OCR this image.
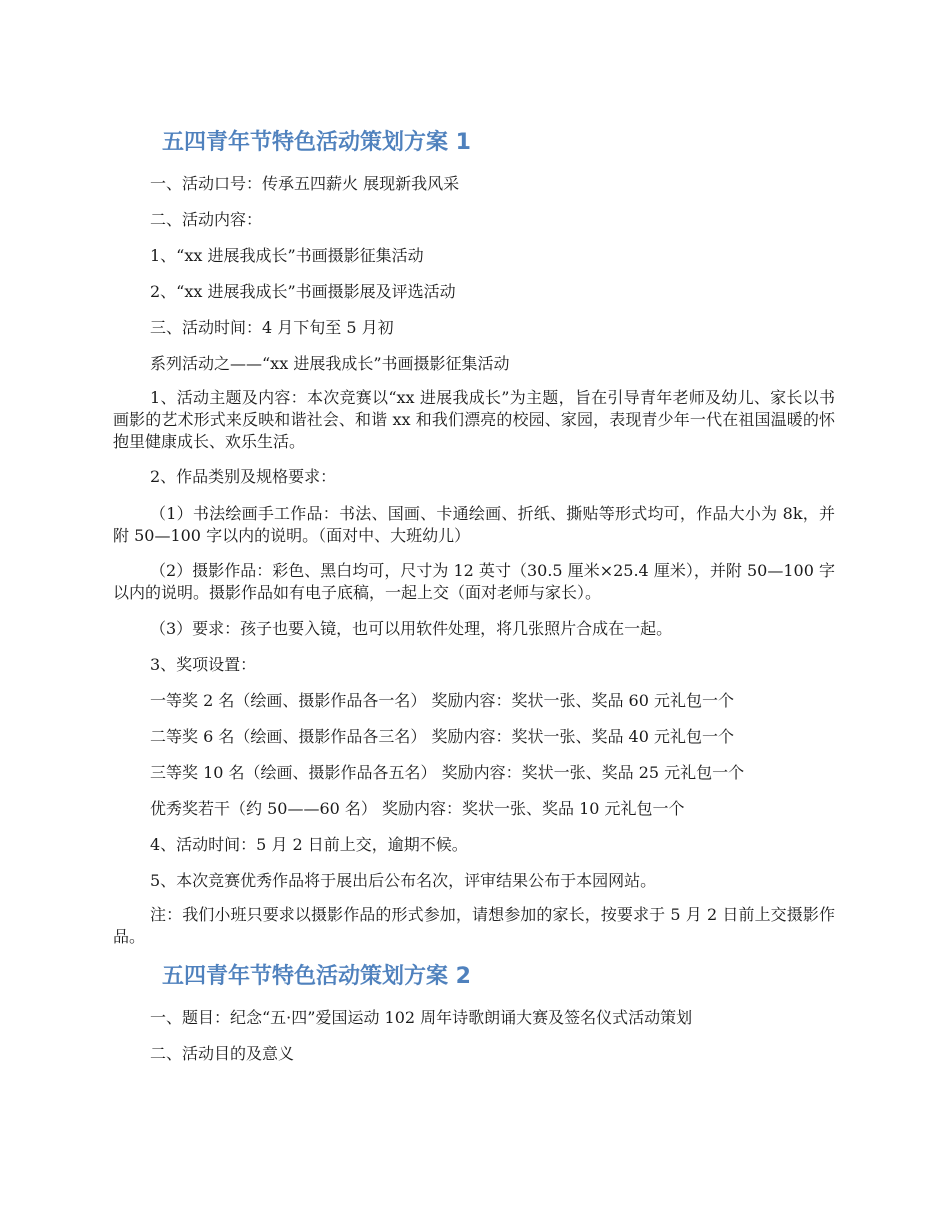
五四青年节特色活动策划方案 1
一、活动口号：传承五四薪火 展现新我风采
二、活动内容：
1、“xx 进展我成长”书画摄影征集活动
2、“xx 进展我成长”书画摄影展及评选活动
三、活动时间：4 月下旬至 5 月初
系列活动之——“xx 进展我成长”书画摄影征集活动
1、活动主题及内容：本次竞赛以“xx 进展我成长”为主题，旨在引导青年老师及幼儿、家长以书画影的艺术形式来反映和谐社会、和谐 xx 和我们漂亮的校园、家园，表现青少年一代在祖国温暖的怀抱里健康成长、欢乐生活。
2、作品类别及规格要求：
（1）书法绘画手工作品：书法、国画、卡通绘画、折纸、撕贴等形式均可，作品大小为 8k，并附 50—100 字以内的说明。（面对中、大班幼儿）
（2）摄影作品：彩色、黑白均可，尺寸为 12 英寸（30.5 厘米×25.4 厘米），并附 50—100 字以内的说明。摄影作品如有电子底稿，一起上交（面对老师与家长）。
（3）要求：孩子也要入镜，也可以用软件处理，将几张照片合成在一起。
3、奖项设置：
一等奖 2 名（绘画、摄影作品各一名） 奖励内容：奖状一张、奖品 60 元礼包一个
二等奖 6 名（绘画、摄影作品各三名） 奖励内容：奖状一张、奖品 40 元礼包一个
三等奖 10 名（绘画、摄影作品各五名） 奖励内容：奖状一张、奖品 25 元礼包一个
优秀奖若干（约 50——60 名） 奖励内容：奖状一张、奖品 10 元礼包一个
4、活动时间：5 月 2 日前上交，逾期不候。
5、本次竞赛优秀作品将于展出后公布名次，评审结果公布于本园网站。
注：我们小班只要求以摄影作品的形式参加，请想参加的家长，按要求于 5 月 2 日前上交摄影作品。
五四青年节特色活动策划方案 2
一、题目：纪念“五·四”爱国运动 102 周年诗歌朗诵大赛及签名仪式活动策划
二、活动目的及意义
